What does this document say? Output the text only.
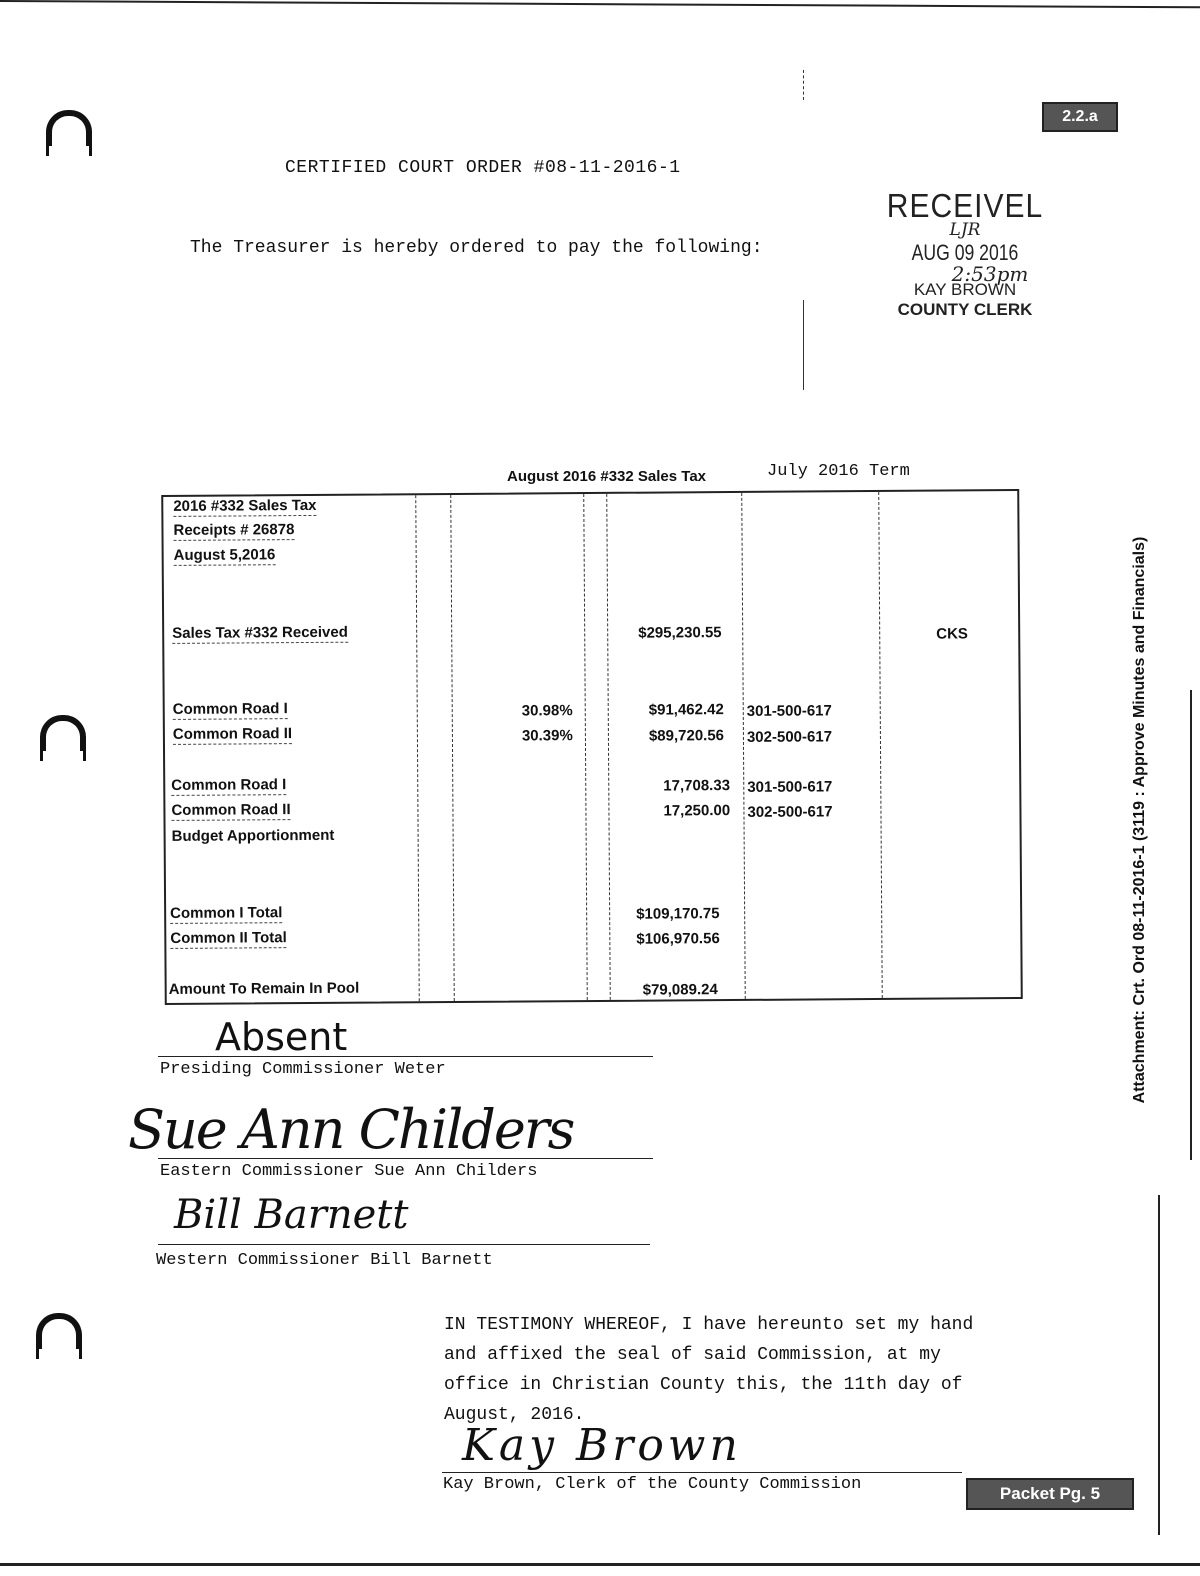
2.2.a
CERTIFIED COURT ORDER #08-11-2016-1
The Treasurer is hereby ordered to pay the following:
RECEIVEL
LJR
AUG 09 2016
2:53pm
KAY BROWN
COUNTY CLERK
Attachment: Crt. Ord 08-11-2016-1 (3119 : Approve Minutes and Financials)
August 2016 #332 Sales Tax	July 2016 Term
2016 #332 Sales Tax
Receipts # 26878
August 5,2016
Sales Tax #332 Received	$295,230.55	CKS
Common Road I	30.98%	$91,462.42 301-500-617
Common Road II	30.39%	$89,720.56 302-500-617
Common Road I	17,708.33 301-500-617
Common Road II	17,250.00 302-500-617
Budget Apportionment
Common I Total	$109,170.75
Common II Total	$106,970.56
Amount To Remain In Pool	$79,089.24
Absent
Presiding Commissioner Weter
Sue Ann Childers
Eastern Commissioner Sue Ann Childers
Bill Barnett
Western Commissioner Bill Barnett
IN TESTIMONY WHEREOF, I have hereunto set my hand
and affixed the seal of said Commission, at my
office in Christian County this, the 11th day of
August, 2016.
Kay Brown
Kay Brown, Clerk of the County Commission	Packet Pg. 5
